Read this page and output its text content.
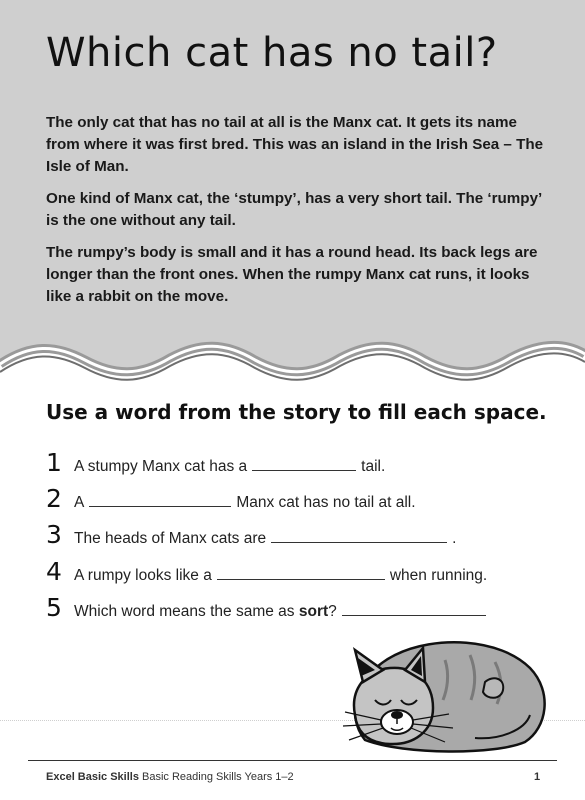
Which cat has no tail?

The only cat that has no tail at all is the Manx cat. It gets its name from where it was first bred. This was an island in the Irish Sea – The Isle of Man.

One kind of Manx cat, the ‘stumpy’, has a very short tail. The ‘rumpy’ is the one without any tail.

The rumpy’s body is small and it has a round head. Its back legs are longer than the front ones. When the rumpy Manx cat runs, it looks like a rabbit on the move.

Use a word from the story to fill each space.
1 A stumpy Manx cat has a	tail.
2 A	Manx cat has no tail at all.
3 The heads of Manx cats are	.
4 A rumpy looks like a	when running.
5 Which word means the same as
sort ?
Excel Basic Skills Basic Reading Skills Years 1–2	1
